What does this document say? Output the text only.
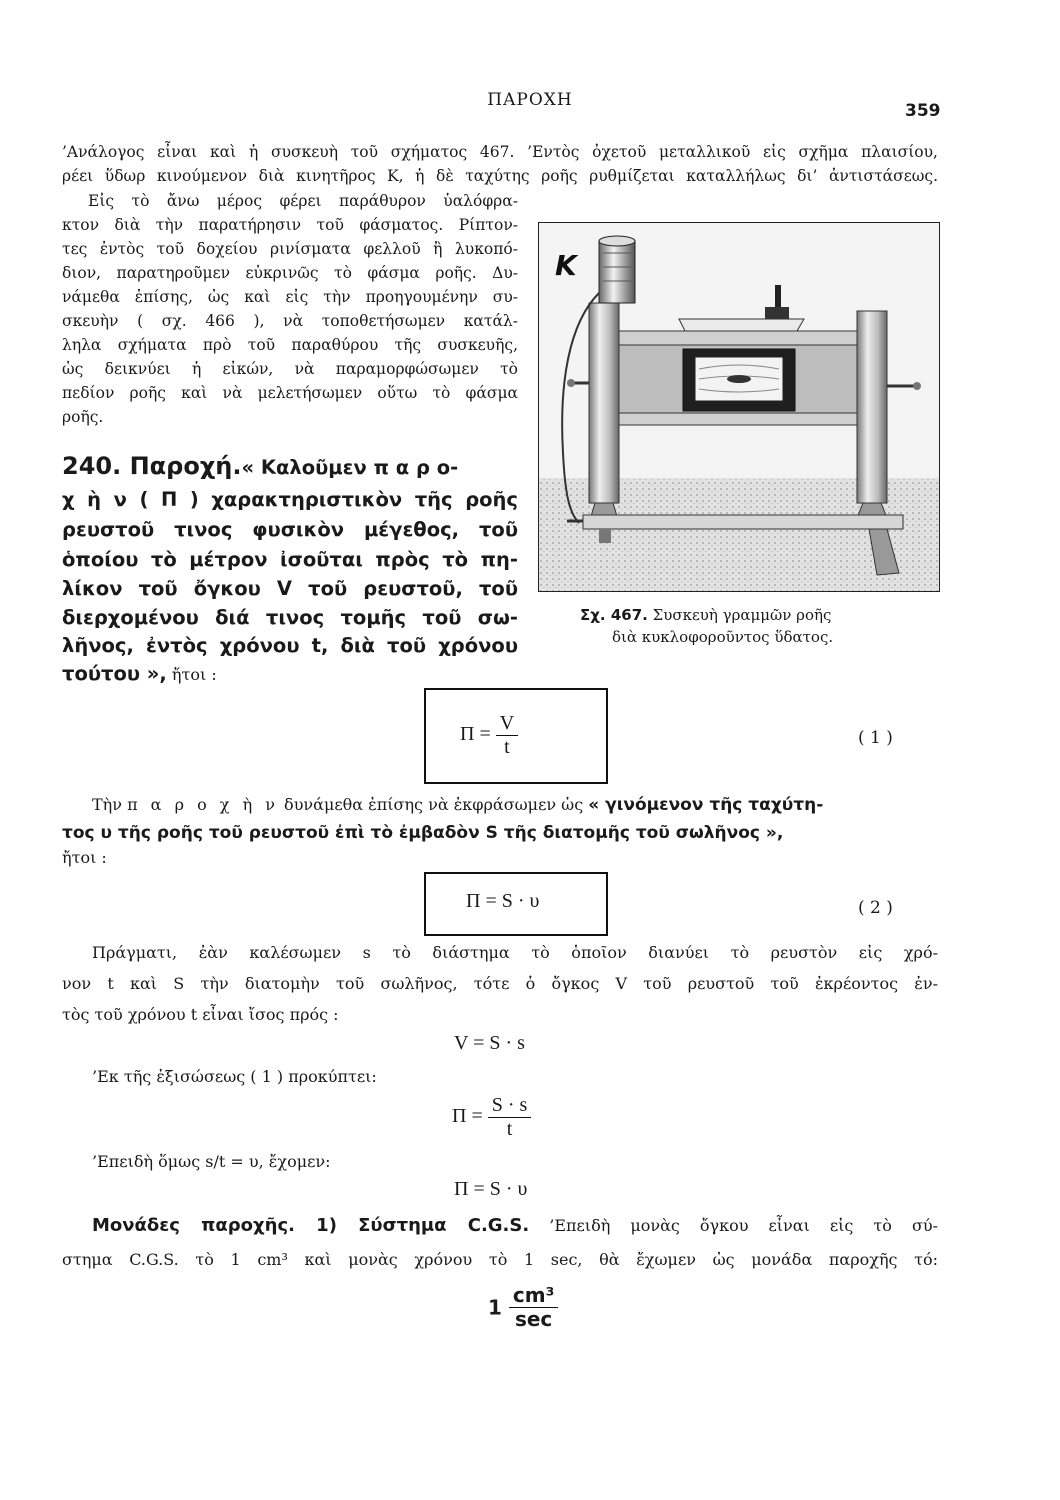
ΠΑΡΟΧΗ
359
’Ανάλογος εἶναι καὶ ἡ συσκευὴ τοῦ σχήματος 467. ’Εντὸς ὀχετοῦ μεταλλικοῦ εἰς σχῆμα πλαισίου,
ρέει ὕδωρ κινούμενον διὰ κινητῆρος Κ, ἡ δὲ ταχύτης ροῆς ρυθμίζεται καταλλήλως δι’ ἀντιστάσεως.
Εἰς τὸ ἄνω μέρος φέρει παράθυρον ὑαλόφρα-
κτον διὰ τὴν παρατήρησιν τοῦ φάσματος. Ρίπτον-
τες ἐντὸς τοῦ δοχείου ρινίσματα φελλοῦ ἢ λυκοπό-
διον, παρατηροῦμεν εὐκρινῶς τὸ φάσμα ροῆς. Δυ-
νάμεθα ἐπίσης, ὡς καὶ εἰς τὴν προηγουμένην συ-
σκευὴν ( σχ. 466 ), νὰ τοποθετήσωμεν κατάλ-
ληλα σχήματα πρὸ τοῦ παραθύρου τῆς συσκευῆς,
ὡς δεικνύει ἡ εἰκών, νὰ παραμορφώσωμεν τὸ
πεδίον ροῆς καὶ νὰ μελετήσωμεν οὕτω τὸ φάσμα
ροῆς.
240. Παροχή.« Καλοῦμεν π α ρ ο-
χ ὴ ν ( Π ) χαρακτηριστικὸν τῆς ροῆς
ρευστοῦ τινος φυσικὸν μέγεθος, τοῦ
ὁποίου τὸ μέτρον ἰσοῦται πρὸς τὸ πη-
λίκον τοῦ ὄγκου V τοῦ ρευστοῦ, τοῦ
διερχομένου διά τινος τομῆς τοῦ σω-
λῆνος, ἐντὸς χρόνου t, διὰ τοῦ χρόνου
τούτου », ἤτοι :
K
Σχ. 467. Συσκευὴ γραμμῶν ροῆς
διὰ κυκλοφοροῦντος ὕδατος.
$\Pi = \frac{V}{t}$	( 1 )
Τὴν π α ρ ο χ ὴ ν δυνάμεθα ἐπίσης νὰ ἐκφράσωμεν ὡς « γινόμενον τῆς ταχύτη-
τος υ τῆς ροῆς τοῦ ρευστοῦ ἐπὶ τὸ ἐμβαδὸν S τῆς διατομῆς τοῦ σωλῆνος »,
ἤτοι :
Π = S · υ	( 2 )
Πράγματι, ἐὰν καλέσωμεν s τὸ διάστημα τὸ ὁποῖον διανύει τὸ ρευστὸν εἰς χρό-
νον t καὶ S τὴν διατομὴν τοῦ σωλῆνος, τότε ὁ ὄγκος V τοῦ ρευστοῦ τοῦ ἐκρέοντος ἐν-
τὸς τοῦ χρόνου t εἶναι ἴσος πρός :
V = S · s
’Εκ τῆς ἐξισώσεως ( 1 ) προκύπτει:
$\Pi = \frac{S \cdot s}{t}$
’Επειδὴ ὅμως s/t = υ, ἔχομεν:
Π = S · υ
Μονάδες παροχῆς. 1) Σύστημα C.G.S. ’Επειδὴ μονὰς ὄγκου εἶναι εἰς τὸ σύ-
στημα C.G.S. τὸ 1 cm³ καὶ μονὰς χρόνου τὸ 1 sec, θὰ ἔχωμεν ὡς μονάδα παροχῆς τό:
$1 \frac{\text{cm³}}{\sec}$
